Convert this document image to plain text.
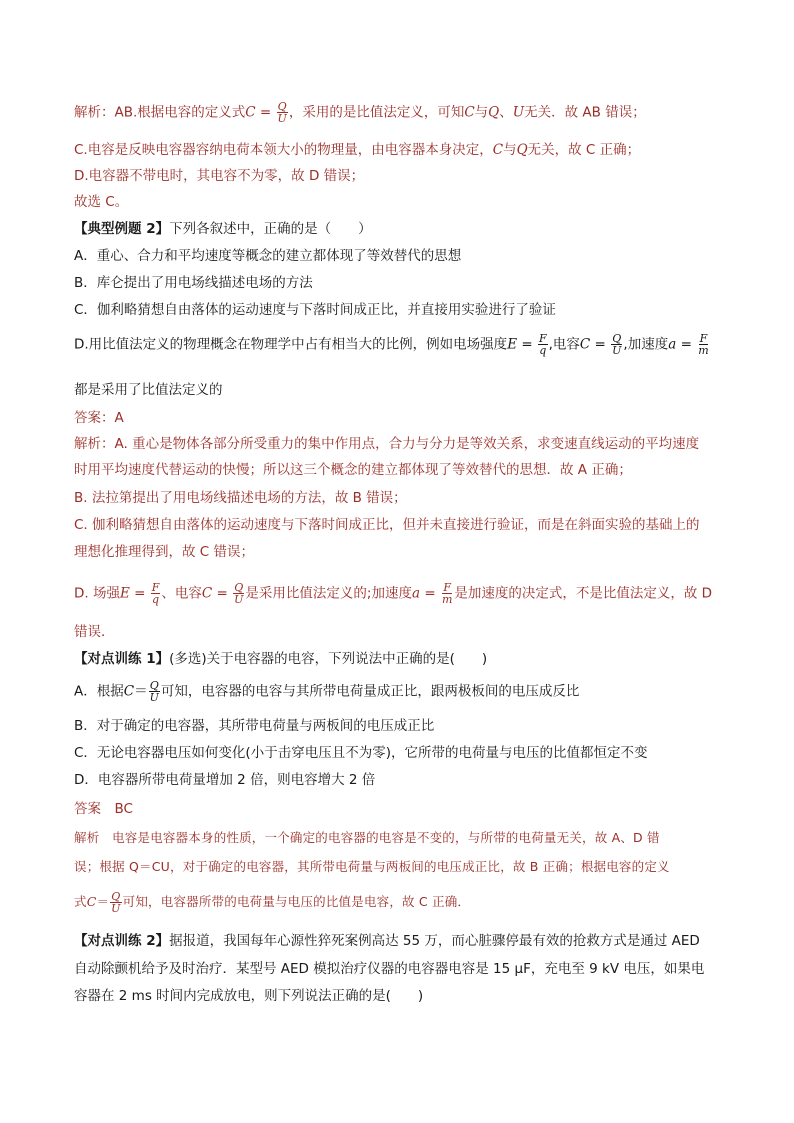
解析：AB.根据电容的定义式$C = \frac{Q}{U}$ ，采用的是比值法定义，可知C与Q、U无关．故 AB 错误；
C.电容是反映电容器容纳电荷本领大小的物理量，由电容器本身决定，C与Q无关，故 C 正确；
D.电容器不带电时，其电容不为零，故 D 错误；
故选 C。
【典型例题 2】下列各叙述中，正确的是（　　）
A．重心、合力和平均速度等概念的建立都体现了等效替代的思想
B．库仑提出了用电场线描述电场的方法
C．伽利略猜想自由落体的运动速度与下落时间成正比，并直接用实验进行了验证
D.用比值法定义的物理概念在物理学中占有相当大的比例，例如电场强度$E = \frac{F}{q}$ ,电容$C = \frac{Q}{U}$ ,加速度$a = \frac{F}{m}$
都是采用了比值法定义的
答案：A
解析：A. 重心是物体各部分所受重力的集中作用点，合力与分力是等效关系，求变速直线运动的平均速度
时用平均速度代替运动的快慢；所以这三个概念的建立都体现了等效替代的思想．故 A 正确；
B. 法拉第提出了用电场线描述电场的方法，故 B 错误；
C. 伽利略猜想自由落体的运动速度与下落时间成正比，但并未直接进行验证，而是在斜面实验的基础上的
理想化推理得到，故 C 错误；
D. 场强$E = \frac{F}{q}$ 、电容$C = \frac{Q}{U}$ 是采用比值法定义的;加速度$a = \frac{F}{m}$ 是加速度的决定式，不是比值法定义，故 D
错误．
【对点训练 1】(多选)关于电容器的电容，下列说法中正确的是(　　)
A．根据$C= \frac{Q}{U}$ 可知，电容器的电容与其所带电荷量成正比，跟两极板间的电压成反比
B．对于确定的电容器，其所带电荷量与两板间的电压成正比
C．无论电容器电压如何变化(小于击穿电压且不为零)，它所带的电荷量与电压的比值都恒定不变
D．电容器所带电荷量增加 2 倍，则电容增大 2 倍
答案　BC
解析　电容是电容器本身的性质，一个确定的电容器的电容是不变的，与所带的电荷量无关，故 A、D 错
误；根据 Q＝CU，对于确定的电容器，其所带电荷量与两板间的电压成正比，故 B 正确；根据电容的定义
式$C= \frac{Q}{U}$ 可知，电容器所带的电荷量与电压的比值是电容，故 C 正确．
【对点训练 2】据报道，我国每年心源性猝死案例高达 55 万，而心脏骤停最有效的抢救方式是通过 AED
自动除颤机给予及时治疗．某型号 AED 模拟治疗仪器的电容器电容是 15 μF，充电至 9 kV 电压，如果电
容器在 2 ms 时间内完成放电，则下列说法正确的是(　　)
